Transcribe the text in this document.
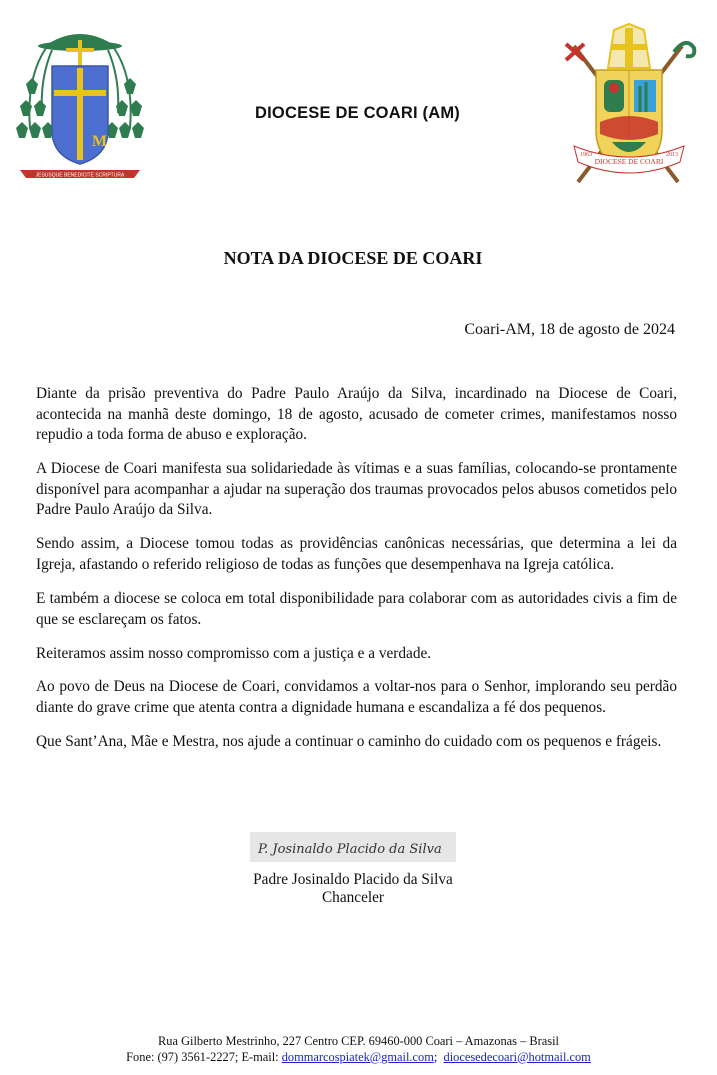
M
JESUSQUE BENEDICITE SCRIPTURA
DIOCESE DE COARI (AM)
DIOCESE DE COARI
1963	2013
NOTA DA DIOCESE DE COARI
Coari-AM, 18 de agosto de 2024

Diante da prisão preventiva do Padre Paulo Araújo da Silva, incardinado na Diocese de Coari, acontecida na manhã deste domingo, 18 de agosto, acusado de cometer crimes, manifestamos nosso repudio a toda forma de abuso e exploração.

A Diocese de Coari manifesta sua solidariedade às vítimas e a suas famílias, colocando-se prontamente disponível para acompanhar a ajudar na superação dos traumas provocados pelos abusos cometidos pelo Padre Paulo Araújo da Silva.

Sendo assim, a Diocese tomou todas as providências canônicas necessárias, que determina a lei da Igreja, afastando o referido religioso de todas as funções que desempenhava na Igreja católica.

E também a diocese se coloca em total disponibilidade para colaborar com as autoridades civis a fim de que se esclareçam os fatos.

Reiteramos assim nosso compromisso com a justiça e a verdade.

Ao povo de Deus na Diocese de Coari, convidamos a voltar-nos para o Senhor, implorando seu perdão diante do grave crime que atenta contra a dignidade humana e escandaliza a fé dos pequenos.

Que Sant’Ana, Mãe e Mestra, nos ajude a continuar o caminho do cuidado com os pequenos e frágeis.

P. Josinaldo Placido da Silva
Padre Josinaldo Placido da Silva
Chanceler
Rua Gilberto Mestrinho, 227 Centro CEP. 69460-000 Coari – Amazonas – Brasil
Fone: (97) 3561-2227; E-mail: dommarcospiatek@gmail.com;  diocesedecoari@hotmail.com
